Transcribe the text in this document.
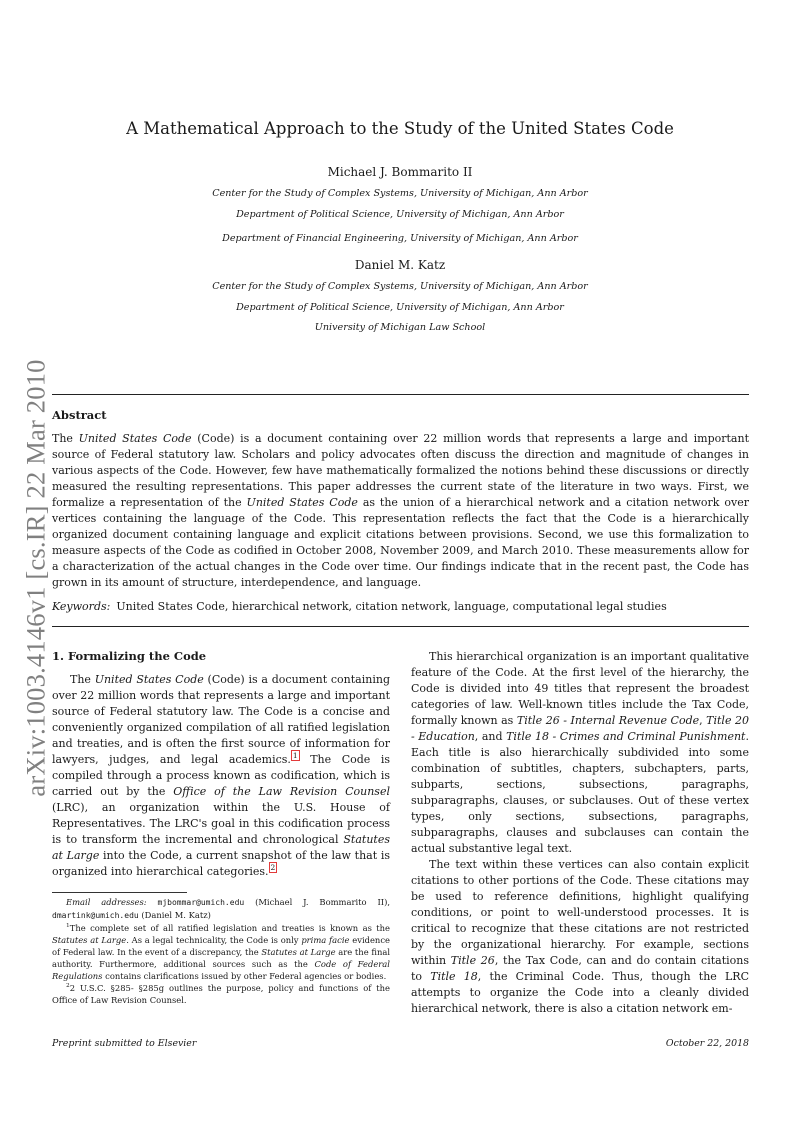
arXiv:1003.4146v1 [cs.IR] 22 Mar 2010
A Mathematical Approach to the Study of the United States Code
Michael J. Bommarito II
Center for the Study of Complex Systems, University of Michigan, Ann Arbor
Department of Political Science, University of Michigan, Ann Arbor
Department of Financial Engineering, University of Michigan, Ann Arbor
Daniel M. Katz
Center for the Study of Complex Systems, University of Michigan, Ann Arbor
Department of Political Science, University of Michigan, Ann Arbor
University of Michigan Law School
Abstract
The United States Code (Code) is a document containing over 22 million words that represents a large and important source of Federal statutory law. Scholars and policy advocates often discuss the direction and magnitude of changes in various aspects of the Code. However, few have mathematically formalized the notions behind these discussions or directly measured the resulting representations. This paper addresses the current state of the literature in two ways. First, we formalize a representation of the United States Code as the union of a hierarchical network and a citation network over vertices containing the language of the Code. This representation reflects the fact that the Code is a hierarchically organized document containing language and explicit citations between provisions. Second, we use this formalization to measure aspects of the Code as codified in October 2008, November 2009, and March 2010. These measurements allow for a characterization of the actual changes in the Code over time. Our findings indicate that in the recent past, the Code has grown in its amount of structure, interdependence, and language.
Keywords: United States Code, hierarchical network, citation network, language, computational legal studies
1. Formalizing the Code

The United States Code (Code) is a document containing over 22 million words that represents a large and important source of Federal statutory law. The Code is a concise and conveniently organized compilation of all ratified legislation and treaties, and is often the first source of information for lawyers, judges, and legal academics. $^1$ The Code is compiled through a process known as codification, which is carried out by the Office of the Law Revision Counsel (LRC), an organization within the U.S. House of Representatives. The LRC's goal in this codification process is to transform the incremental and chronological Statutes at Large into the Code, a current snapshot of the law that is organized into hierarchical categories. $^2$

This hierarchical organization is an important qualitative feature of the Code. At the first level of the hierarchy, the Code is divided into 49 titles that represent the broadest categories of law. Well-known titles include the Tax Code, formally known as Title 26 - Internal Revenue Code, Title 20 - Education, and Title 18 - Crimes and Criminal Punishment. Each title is also hierarchically subdivided into some combination of subtitles, chapters, subchapters, parts, subparts, sections, subsections, paragraphs, subparagraphs, clauses, or subclauses. Out of these vertex types, only sections, subsections, paragraphs, subparagraphs, clauses and subclauses can contain the actual substantive legal text.

The text within these vertices can also contain explicit citations to other portions of the Code. These citations may be used to reference definitions, highlight qualifying conditions, or point to well-understood processes. It is critical to recognize that these citations are not restricted by the organizational hierarchy. For example, sections within Title 26, the Tax Code, can and do contain citations to Title 18, the Criminal Code. Thus, though the LRC attempts to organize the Code into a cleanly divided hierarchical network, there is also a citation network em-

Email addresses: mjbommar@umich.edu (Michael J. Bommarito II), dmartink@umich.edu (Daniel M. Katz)

$^1$The complete set of all ratified legislation and treaties is known as the Statutes at Large. As a legal technicality, the Code is only prima facie evidence of Federal law. In the event of a discrepancy, the Statutes at Large are the final authority. Furthermore, additional sources such as the Code of Federal Regulations contains clarifications issued by other Federal agencies or bodies.

$^2$2 U.S.C. §285- §285g outlines the purpose, policy and functions of the Office of Law Revision Counsel.

Preprint submitted to Elsevier	October 22, 2018
